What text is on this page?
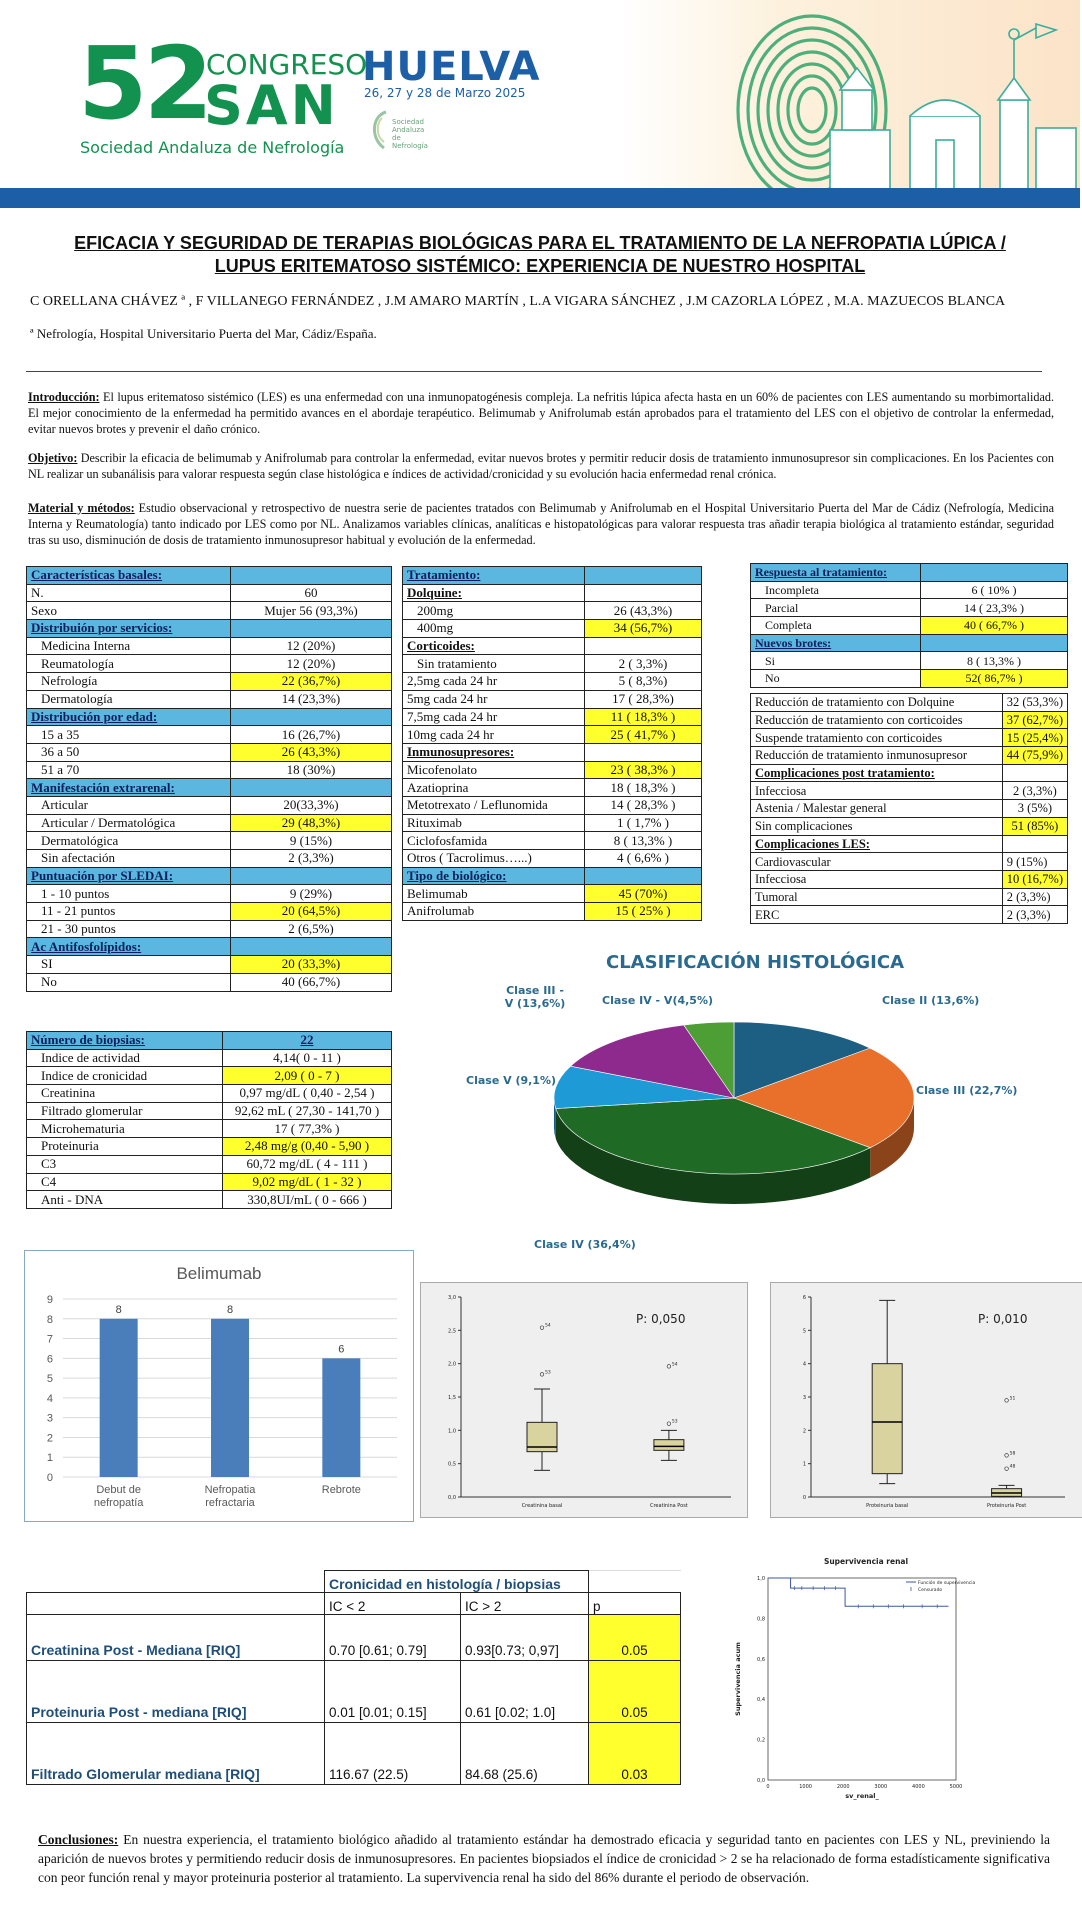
52
CONGRESO
SAN
Sociedad Andaluza de Nefrología
HUELVA
26, 27 y 28 de Marzo 2025
Sociedad Andaluza de Nefrología
EFICACIA Y SEGURIDAD DE TERAPIAS BIOLÓGICAS PARA EL TRATAMIENTO DE LA NEFROPATIA LÚPICA /
LUPUS ERITEMATOSO SISTÉMICO: EXPERIENCIA DE NUESTRO HOSPITAL
C ORELLANA CHÁVEZ ª , F VILLANEGO FERNÁNDEZ , J.M AMARO MARTÍN , L.A VIGARA SÁNCHEZ , J.M CAZORLA LÓPEZ , M.A. MAZUECOS BLANCA
ª Nefrología, Hospital Universitario Puerta del Mar, Cádiz/España.
Introducción: El lupus eritematoso sistémico (LES) es una enfermedad con una inmunopatogénesis compleja. La nefritis lúpica afecta hasta en un 60% de pacientes con LES aumentando su morbimortalidad. El mejor conocimiento de la enfermedad ha permitido avances en el abordaje terapéutico. Belimumab y Anifrolumab están aprobados para el tratamiento del LES con el objetivo de controlar la enfermedad, evitar nuevos brotes y prevenir el daño crónico.
Objetivo: Describir la eficacia de belimumab y Anifrolumab para controlar la enfermedad, evitar nuevos brotes y permitir reducir dosis de tratamiento inmunosupresor sin complicaciones. En los Pacientes con NL realizar un subanálisis para valorar respuesta según clase histológica e índices de actividad/cronicidad y su evolución hacia enfermedad renal crónica.
Material y métodos: Estudio observacional y retrospectivo de nuestra serie de pacientes tratados con Belimumab y Anifrolumab en el Hospital Universitario Puerta del Mar de Cádiz (Nefrología, Medicina Interna y Reumatología) tanto indicado por LES como por NL. Analizamos variables clínicas, analíticas e histopatológicas para valorar respuesta tras añadir terapia biológica al tratamiento estándar, seguridad tras su uso, disminución de dosis de tratamiento inmunosupresor habitual y evolución de la enfermedad.
Características basales:	
N.	60
Sexo	Mujer 56 (93,3%)
Distribuión por servicios:	
Medicina Interna	12 (20%)
Reumatología	12 (20%)
Nefrología	22 (36,7%)
Dermatología	14 (23,3%)
Distribución por edad:	
15 a 35	16 (26,7%)
36 a 50	26 (43,3%)
51 a 70	18 (30%)
Manifestación extrarenal:	
Articular	20(33,3%)
Articular / Dermatológica	29 (48,3%)
Dermatológica	9 (15%)
Sin afectación	2 (3,3%)
Puntuación por SLEDAI:	
1 - 10 puntos	9 (29%)
11 - 21 puntos	20 (64,5%)
21 - 30 puntos	2 (6,5%)
Ac Antifosfolípidos:	
SI	20 (33,3%)
No	40 (66,7%)
Tratamiento:	
Dolquine:	
200mg	26 (43,3%)
400mg	34 (56,7%)
Corticoides:	
Sin tratamiento	2 ( 3,3%)
2,5mg cada 24 hr	5 ( 8,3%)
5mg cada 24 hr	17 ( 28,3%)
7,5mg cada 24 hr	11 ( 18,3% )
10mg cada 24 hr	25 ( 41,7% )
Inmunosupresores:	
Micofenolato	23 ( 38,3% )
Azatioprina	18 ( 18,3% )
Metotrexato / Leflunomida	14 ( 28,3% )
Rituximab	1 ( 1,7% )
Ciclofosfamida	8 ( 13,3% )
Otros ( Tacrolimus…...)	4 ( 6,6% )
Tipo de biológico:	
Belimumab	45 (70%)
Anifrolumab	15 ( 25% )
Respuesta al tratamiento:	
Incompleta	6 ( 10% )
Parcial	14 ( 23,3% )
Completa	40 ( 66,7% )
Nuevos brotes:	
Si	8 ( 13,3% )
No	52( 86,7% )
Reducción de tratamiento con Dolquine	32 (53,3%)
Reducción de tratamiento con corticoides	37 (62,7%)
Suspende tratamiento con corticoides	15 (25,4%)
Reducción de tratamiento inmunosupresor	44 (75,9%)
Complicaciones post tratamiento:	
Infecciosa	2 (3,3%)
Astenia / Malestar general	3 (5%)
Sin complicaciones	51 (85%)
Complicaciones LES:	
Cardiovascular	9 (15%)
Infecciosa	10 (16,7%)
Tumoral	2 (3,3%)
ERC	2 (3,3%)
Número de biopsias:	22
Indice de actividad	4,14( 0 - 11 )
Indice de cronicidad	2,09 ( 0 - 7 )
Creatinina	0,97 mg/dL ( 0,40 - 2,54 )
Filtrado glomerular	92,62 mL ( 27,30 - 141,70 )
Microhematuria	17 ( 77,3% )
Proteinuria	2,48 mg/g (0,40 - 5,90 )
C3	60,72 mg/dL ( 4 - 111 )
C4	9,02 mg/dL ( 1 - 32 )
Anti - DNA	330,8UI/mL ( 0 - 666 )
CLASIFICACIÓN HISTOLÓGICA
Clase III - V (13,6%)	Clase IV - V(4,5%)	Clase II (13,6%)
Clase III (22,7%)
Clase V (9,1%)
Clase IV (36,4%)
Belimumab
0
1
2
3
4
5
6
7
8
9
8	8
6
Debut de
nefropatía
Nefropatia
refractaria
Rebrote
0,0
0,5
1,0
1,5
2,0
2,5
3,0
P: 0,050
Creatinina basal	Creatinina Post
54
53
54
53
0
1
2
3
4
5
6
P: 0,010
Proteinuria basal	Proteinuria Post
51
58
48
	Cronicidad en histología / biopsias		
	IC < 2	IC > 2	p
Creatinina Post - Mediana [RIQ]	0.70 [0.61; 0.79]	0.93[0.73; 0,97]	0.05
Proteinuria Post - mediana [RIQ]	0.01 [0.01; 0.15]	0.61 [0.02; 1.0]	0.05
Filtrado Glomerular mediana [RIQ]	116.67 (22.5)	84.68 (25.6)	0.03
Supervivencia renal
0,0
0,2
0,4
0,6
0,8
1,0
0	1000	2000	3000	4000	5000
sv_renal_
Supervivencia acum
Función de supervivencia
Censurado
Conclusiones: En nuestra experiencia, el tratamiento biológico añadido al tratamiento estándar ha demostrado eficacia y seguridad tanto en pacientes con LES y NL, previniendo la aparición de nuevos brotes y permitiendo reducir dosis de inmunosupresores. En pacientes biopsiados el índice de cronicidad > 2 se ha relacionado de forma estadísticamente significativa con peor función renal y mayor proteinuria posterior al tratamiento. La supervivencia renal ha sido del 86% durante el periodo de observación.
